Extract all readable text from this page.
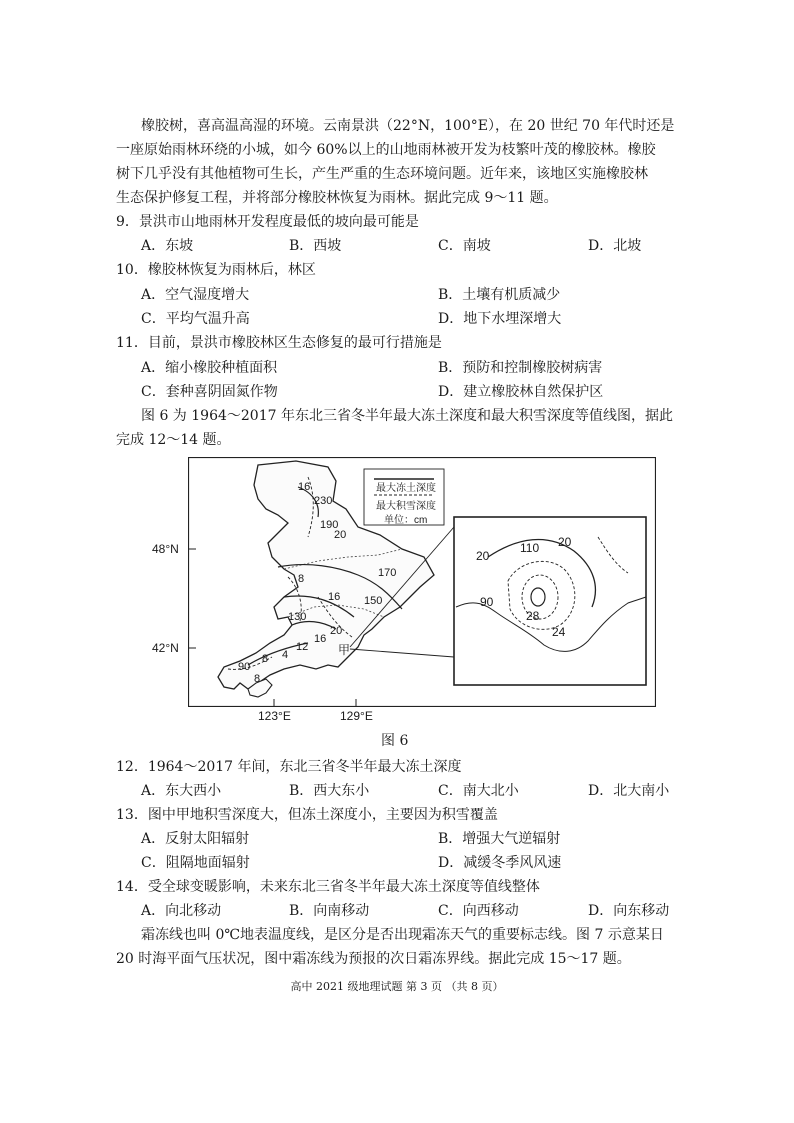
橡胶树，喜高温高湿的环境。云南景洪（22°N，100°E），在 20 世纪 70 年代时还是
一座原始雨林环绕的小城，如今 60%以上的山地雨林被开发为枝繁叶茂的橡胶林。橡胶
树下几乎没有其他植物可生长，产生严重的生态环境问题。近年来，该地区实施橡胶林
生态保护修复工程，并将部分橡胶林恢复为雨林。据此完成 9～11 题。
9．景洪市山地雨林开发程度最低的坡向最可能是
A．东坡	B．西坡	C．南坡	D．北坡
10．橡胶林恢复为雨林后，林区
A．空气湿度增大	B．土壤有机质减少
C．平均气温升高	D．地下水埋深增大
11．目前，景洪市橡胶林区生态修复的最可行措施是
A．缩小橡胶种植面积	B．预防和控制橡胶树病害
C．套种喜阴固氮作物	D．建立橡胶林自然保护区
图 6 为 1964～2017 年东北三省冬半年最大冻土深度和最大积雪深度等值线图，据此
完成 12～14 题。
最大冻土深度
最大积雪深度
单位：cm
48°N
42°N
123°E	129°E
16
230
190
20
8	170
16 150
130
20
16
12
4
8
90
8
甲
20
110 20
90
28
24
图 6
12．1964～2017 年间，东北三省冬半年最大冻土深度
A．东大西小	B．西大东小	C．南大北小	D．北大南小
13．图中甲地积雪深度大，但冻土深度小，主要因为积雪覆盖
A．反射太阳辐射	B．增强大气逆辐射
C．阻隔地面辐射	D．减缓冬季风风速
14．受全球变暖影响，未来东北三省冬半年最大冻土深度等值线整体
A．向北移动	B．向南移动	C．向西移动	D．向东移动
霜冻线也叫 0℃地表温度线，是区分是否出现霜冻天气的重要标志线。图 7 示意某日
20 时海平面气压状况，图中霜冻线为预报的次日霜冻界线。据此完成 15～17 题。
高中 2021 级地理试题 第 3 页 （共 8 页）
